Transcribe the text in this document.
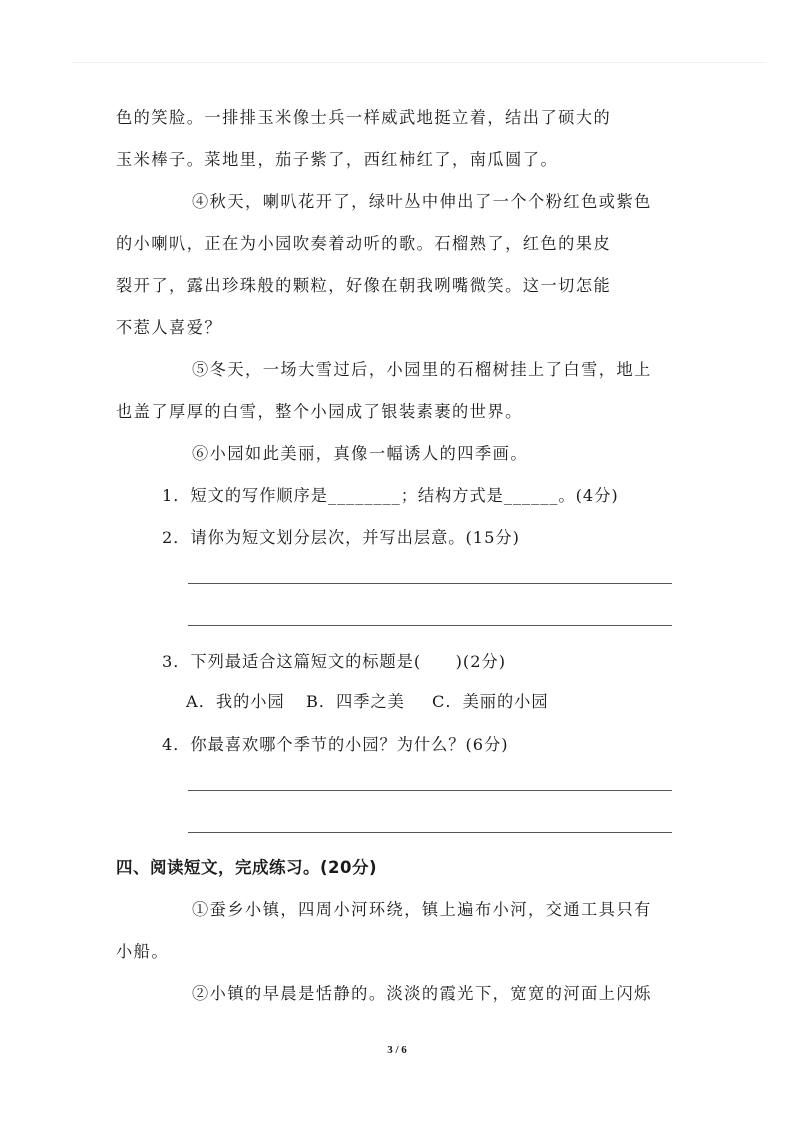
色的笑脸。一排排玉米像士兵一样威武地挺立着，结出了硕大的
玉米棒子。菜地里，茄子紫了，西红柿红了，南瓜圆了。
④秋天，喇叭花开了，绿叶丛中伸出了一个个粉红色或紫色
的小喇叭，正在为小园吹奏着动听的歌。石榴熟了，红色的果皮
裂开了，露出珍珠般的颗粒，好像在朝我咧嘴微笑。这一切怎能
不惹人喜爱？
⑤冬天，一场大雪过后，小园里的石榴树挂上了白雪，地上
也盖了厚厚的白雪，整个小园成了银装素裹的世界。
⑥小园如此美丽，真像一幅诱人的四季画。
1．短文的写作顺序是________；结构方式是______。(4分)
2．请你为短文划分层次，并写出层意。(15分)
3．下列最适合这篇短文的标题是(　　)(2分)
A．我的小园 B．四季之美 C．美丽的小园
4．你最喜欢哪个季节的小园？为什么？(6分)
四、阅读短文，完成练习。(20分)
①蚕乡小镇，四周小河环绕，镇上遍布小河，交通工具只有
小船。
②小镇的早晨是恬静的。淡淡的霞光下，宽宽的河面上闪烁
3 / 6
